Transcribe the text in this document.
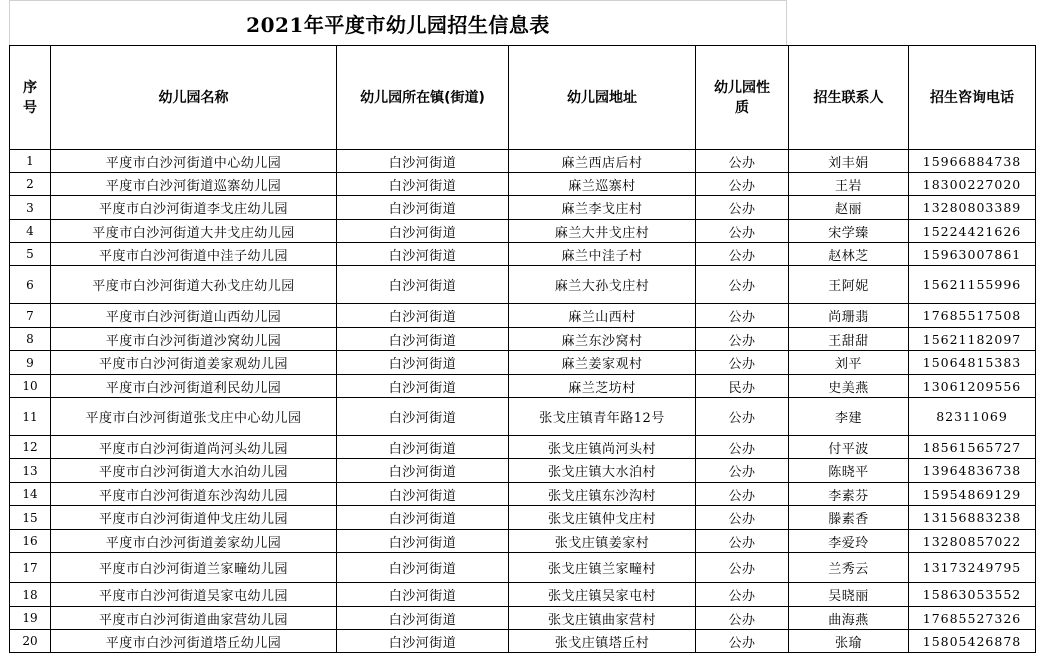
2021年平度市幼儿园招生信息表
序号	幼儿园名称	幼儿园所在镇(街道)	幼儿园地址	幼儿园性质	招生联系人	招生咨询电话
1	平度市白沙河街道中心幼儿园	白沙河街道	麻兰西店后村	公办	刘丰娟	15966884738
2	平度市白沙河街道巡寨幼儿园	白沙河街道	麻兰巡寨村	公办	王岩	18300227020
3	平度市白沙河街道李戈庄幼儿园	白沙河街道	麻兰李戈庄村	公办	赵丽	13280803389
4	平度市白沙河街道大井戈庄幼儿园	白沙河街道	麻兰大井戈庄村	公办	宋学臻	15224421626
5	平度市白沙河街道中洼子幼儿园	白沙河街道	麻兰中洼子村	公办	赵林芝	15963007861
6	平度市白沙河街道大孙戈庄幼儿园	白沙河街道	麻兰大孙戈庄村	公办	王阿妮	15621155996
7	平度市白沙河街道山西幼儿园	白沙河街道	麻兰山西村	公办	尚珊翡	17685517508
8	平度市白沙河街道沙窝幼儿园	白沙河街道	麻兰东沙窝村	公办	王甜甜	15621182097
9	平度市白沙河街道姜家观幼儿园	白沙河街道	麻兰姜家观村	公办	刘平	15064815383
10	平度市白沙河街道利民幼儿园	白沙河街道	麻兰芝坊村	民办	史美燕	13061209556
11	平度市白沙河街道张戈庄中心幼儿园	白沙河街道	张戈庄镇青年路12号	公办	李建	82311069
12	平度市白沙河街道尚河头幼儿园	白沙河街道	张戈庄镇尚河头村	公办	付平波	18561565727
13	平度市白沙河街道大水泊幼儿园	白沙河街道	张戈庄镇大水泊村	公办	陈晓平	13964836738
14	平度市白沙河街道东沙沟幼儿园	白沙河街道	张戈庄镇东沙沟村	公办	李素芬	15954869129
15	平度市白沙河街道仲戈庄幼儿园	白沙河街道	张戈庄镇仲戈庄村	公办	滕素香	13156883238
16	平度市白沙河街道姜家幼儿园	白沙河街道	张戈庄镇姜家村	公办	李爱玲	13280857022
17	平度市白沙河街道兰家疃幼儿园	白沙河街道	张戈庄镇兰家疃村	公办	兰秀云	13173249795
18	平度市白沙河街道吴家屯幼儿园	白沙河街道	张戈庄镇吴家屯村	公办	吴晓丽	15863053552
19	平度市白沙河街道曲家营幼儿园	白沙河街道	张戈庄镇曲家营村	公办	曲海燕	17685527326
20	平度市白沙河街道塔丘幼儿园	白沙河街道	张戈庄镇塔丘村	公办	张瑜	15805426878
